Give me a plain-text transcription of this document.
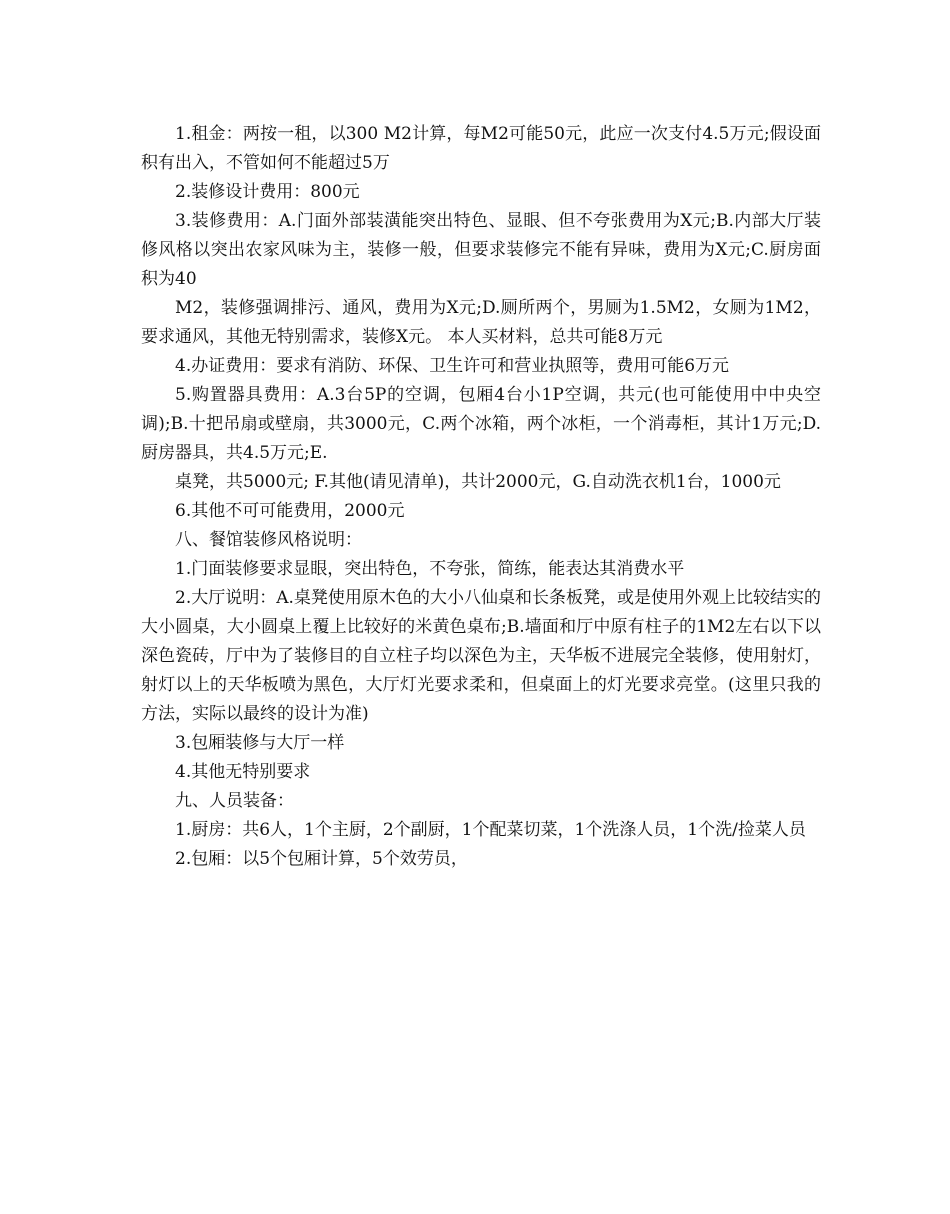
1.租金：两按一租，以300 M2计算，每M2可能50元，此应一次支付4.5万元;假设面积有出入，不管如何不能超过5万

2.装修设计费用：800元

3.装修费用：A.门面外部装潢能突出特色、显眼、但不夸张费用为X元;B.内部大厅装修风格以突出农家风味为主，装修一般，但要求装修完不能有异味，费用为X元;C.厨房面积为40

M2，装修强调排污、通风，费用为X元;D.厕所两个，男厕为1.5M2，女厕为1M2，要求通风，其他无特别需求，装修X元。 本人买材料，总共可能8万元

4.办证费用：要求有消防、环保、卫生许可和营业执照等，费用可能6万元

5.购置器具费用：A.3台5P的空调，包厢4台小1P空调，共元(也可能使用中中央空调);B.十把吊扇或壁扇，共3000元，C.两个冰箱，两个冰柜，一个消毒柜，其计1万元;D.厨房器具，共4.5万元;E.

桌凳，共5000元; F.其他(请见清单)，共计2000元，G.自动洗衣机1台，1000元

6.其他不可可能费用，2000元

八、餐馆装修风格说明：

1.门面装修要求显眼，突出特色，不夸张，简练，能表达其消费水平

2.大厅说明：A.桌凳使用原木色的大小八仙桌和长条板凳，或是使用外观上比较结实的大小圆桌，大小圆桌上覆上比较好的米黄色桌布;B.墙面和厅中原有柱子的1M2左右以下以深色瓷砖，厅中为了装修目的自立柱子均以深色为主，天华板不进展完全装修，使用射灯，射灯以上的天华板喷为黑色，大厅灯光要求柔和，但桌面上的灯光要求亮堂。(这里只我的方法，实际以最终的设计为准)

3.包厢装修与大厅一样

4.其他无特别要求

九、人员装备：

1.厨房：共6人，1个主厨，2个副厨，1个配菜切菜，1个洗涤人员，1个洗/捡菜人员

2.包厢：以5个包厢计算，5个效劳员，
